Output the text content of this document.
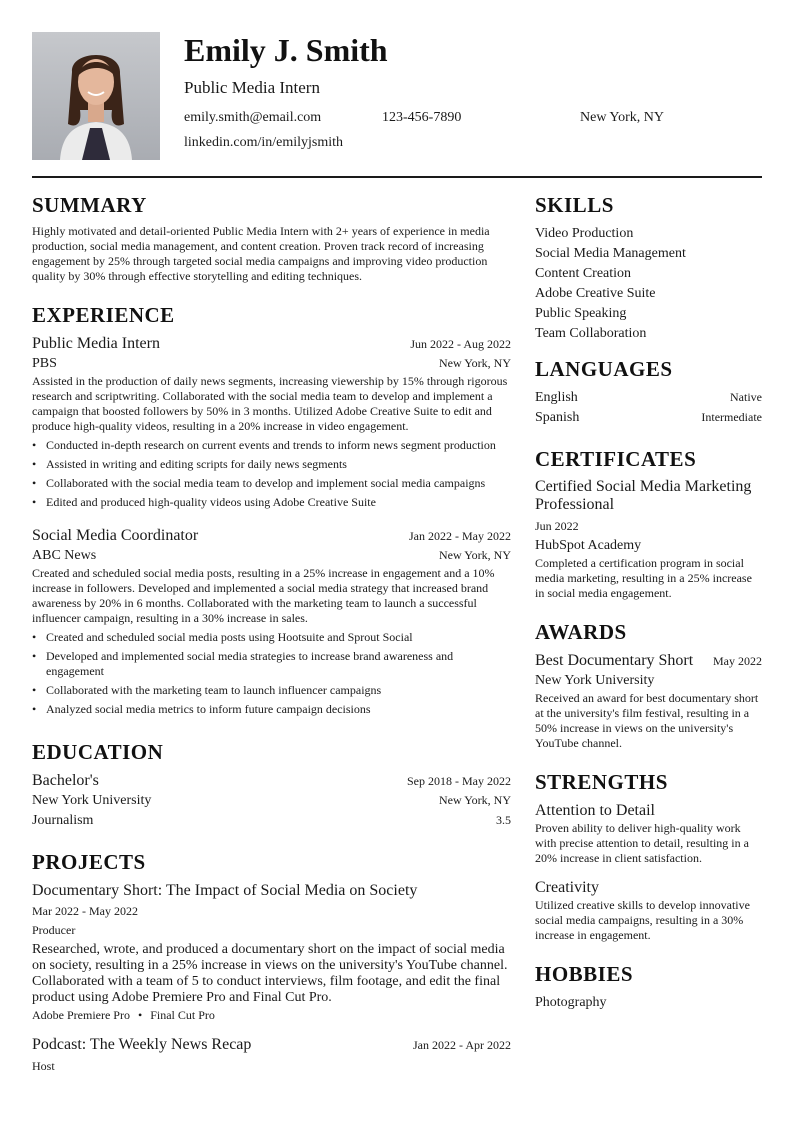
Emily J. Smith
Public Media Intern
emily.smith@email.com	123-456-7890	New York, NY
linkedin.com/in/emilyjsmith
SUMMARY
Highly motivated and detail-oriented Public Media Intern with 2+ years of experience in media production, social media management, and content creation. Proven track record of increasing engagement by 25% through targeted social media campaigns and improving video production quality by 30% through effective storytelling and editing techniques.
EXPERIENCE
Public Media Intern	Jun 2022 - Aug 2022
PBS	New York, NY
Assisted in the production of daily news segments, increasing viewership by 15% through rigorous research and scriptwriting. Collaborated with the social media team to develop and implement a campaign that boosted followers by 50% in 3 months. Utilized Adobe Creative Suite to edit and produce high-quality videos, resulting in a 20% increase in video engagement.
• Conducted in-depth research on current events and trends to inform news segment production
• Assisted in writing and editing scripts for daily news segments
• Collaborated with the social media team to develop and implement social media campaigns
• Edited and produced high-quality videos using Adobe Creative Suite
Social Media Coordinator	Jan 2022 - May 2022
ABC News	New York, NY
Created and scheduled social media posts, resulting in a 25% increase in engagement and a 10% increase in followers. Developed and implemented a social media strategy that increased brand awareness by 20% in 6 months. Collaborated with the marketing team to launch a successful influencer campaign, resulting in a 30% increase in sales.
• Created and scheduled social media posts using Hootsuite and Sprout Social
• Developed and implemented social media strategies to increase brand awareness and engagement
• Collaborated with the marketing team to launch influencer campaigns
• Analyzed social media metrics to inform future campaign decisions
EDUCATION
Bachelor's	Sep 2018 - May 2022
New York University	New York, NY
Journalism	3.5
PROJECTS
Documentary Short: The Impact of Social Media on Society
Mar 2022 - May 2022
Producer
Researched, wrote, and produced a documentary short on the impact of social media on society, resulting in a 25% increase in views on the university's YouTube channel. Collaborated with a team of 5 to conduct interviews, film footage, and edit the final product using Adobe Premiere Pro and Final Cut Pro.
Adobe Premiere Pro • Final Cut Pro
Podcast: The Weekly News Recap	Jan 2022 - Apr 2022
Host
SKILLS
Video Production
Social Media Management
Content Creation
Adobe Creative Suite
Public Speaking
Team Collaboration
LANGUAGES
English	Native
Spanish	Intermediate
CERTIFICATES
Certified Social Media Marketing Professional
Jun 2022
HubSpot Academy
Completed a certification program in social media marketing, resulting in a 25% increase in social media engagement.
AWARDS
Best Documentary Short May 2022
New York University
Received an award for best documentary short at the university's film festival, resulting in a 50% increase in views on the university's YouTube channel.
STRENGTHS
Attention to Detail
Proven ability to deliver high-quality work with precise attention to detail, resulting in a 20% increase in client satisfaction.
Creativity
Utilized creative skills to develop innovative social media campaigns, resulting in a 30% increase in engagement.
HOBBIES
Photography
